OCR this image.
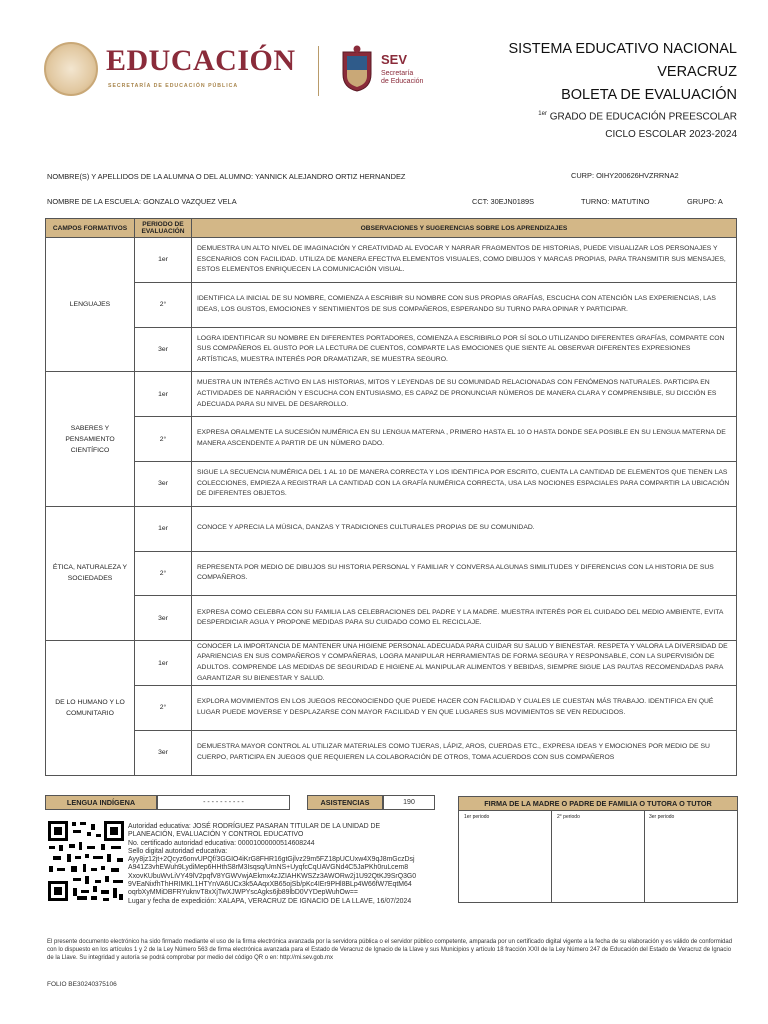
EDUCACIÓN
SECRETARÍA DE EDUCACIÓN PÚBLICA
SEV
Secretaría
de Educación
SISTEMA EDUCATIVO NACIONAL
VERACRUZ
BOLETA DE EVALUACIÓN
$^{1er}$ GRADO DE EDUCACIÓN PREESCOLAR
CICLO ESCOLAR 2023-2024
NOMBRE(S) Y APELLIDOS DE LA ALUMNA O DEL ALUMNO: YANNICK ALEJANDRO ORTIZ HERNANDEZ	CURP: OIHY200626HVZRRNA2
NOMBRE DE LA ESCUELA: GONZALO VAZQUEZ VELA	CCT: 30EJN0189S	TURNO: MATUTINO	GRUPO: A
CAMPOS FORMATIVOS	PERIODO DE EVALUACIÓN	OBSERVACIONES Y SUGERENCIAS SOBRE LOS APRENDIZAJES
LENGUAJES	1er	DEMUESTRA UN ALTO NIVEL DE IMAGINACIÓN Y CREATIVIDAD AL EVOCAR Y NARRAR FRAGMENTOS DE HISTORIAS, PUEDE VISUALIZAR LOS PERSONAJES Y ESCENARIOS CON FACILIDAD. UTILIZA DE MANERA EFECTIVA ELEMENTOS VISUALES, COMO DIBUJOS Y MARCAS PROPIAS, PARA TRANSMITIR SUS MENSAJES, ESTOS ELEMENTOS ENRIQUECEN LA COMUNICACIÓN VISUAL.
	2°	IDENTIFICA LA INICIAL DE SU NOMBRE, COMIENZA A ESCRIBIR SU NOMBRE CON SUS PROPIAS GRAFÍAS, ESCUCHA CON ATENCIÓN LAS EXPERIENCIAS, LAS IDEAS, LOS GUSTOS, EMOCIONES Y SENTIMIENTOS DE SUS COMPAÑEROS, ESPERANDO SU TURNO PARA OPINAR Y PARTICIPAR.
	3er	LOGRA IDENTIFICAR SU NOMBRE EN DIFERENTES PORTADORES, COMIENZA A ESCRIBIRLO POR SÍ SOLO UTILIZANDO DIFERENTES GRAFÍAS, COMPARTE CON SUS COMPAÑEROS EL GUSTO POR LA LECTURA DE CUENTOS, COMPARTE LAS EMOCIONES QUE SIENTE AL OBSERVAR DIFERENTES EXPRESIONES ARTÍSTICAS, MUESTRA INTERÉS POR DRAMATIZAR, SE MUESTRA SEGURO.
SABERES Y PENSAMIENTO CIENTÍFICO	1er	MUESTRA UN INTERÉS ACTIVO EN LAS HISTORIAS, MITOS Y LEYENDAS DE SU COMUNIDAD RELACIONADAS CON FENÓMENOS NATURALES. PARTICIPA EN ACTIVIDADES DE NARRACIÓN Y ESCUCHA CON ENTUSIASMO, ES CAPAZ DE PRONUNCIAR NÚMEROS DE MANERA CLARA Y COMPRENSIBLE, SU DICCIÓN ES ADECUADA PARA SU NIVEL DE DESARROLLO.
	2°	EXPRESA ORALMENTE LA SUCESIÓN NUMÉRICA EN SU LENGUA MATERNA , PRIMERO HASTA EL 10 O HASTA DONDE SEA POSIBLE EN SU LENGUA MATERNA DE MANERA ASCENDENTE A PARTIR DE UN NÚMERO DADO.
	3er	SIGUE LA SECUENCIA NUMÉRICA DEL 1 AL 10 DE MANERA CORRECTA Y LOS IDENTIFICA POR ESCRITO, CUENTA LA CANTIDAD DE ELEMENTOS QUE TIENEN LAS COLECCIONES, EMPIEZA A REGISTRAR LA CANTIDAD CON LA GRAFÍA NUMÉRICA CORRECTA, USA LAS NOCIONES ESPACIALES PARA COMPARTIR LA UBICACIÓN DE DIFERENTES OBJETOS.
ÉTICA, NATURALEZA Y SOCIEDADES	1er	CONOCE Y APRECIA LA MÚSICA, DANZAS Y TRADICIONES CULTURALES PROPIAS DE SU COMUNIDAD.
	2°	REPRESENTA POR MEDIO DE DIBUJOS SU HISTORIA PERSONAL Y FAMILIAR Y CONVERSA ALGUNAS SIMILITUDES Y DIFERENCIAS CON LA HISTORIA DE SUS COMPAÑEROS.
	3er	EXPRESA COMO CELEBRA CON SU FAMILIA LAS CELEBRACIONES DEL PADRE Y LA MADRE. MUESTRA INTERÉS POR EL CUIDADO DEL MEDIO AMBIENTE, EVITA DESPERDICIAR AGUA Y PROPONE MEDIDAS PARA SU CUIDADO COMO EL RECICLAJE.
DE LO HUMANO Y LO COMUNITARIO	1er	CONOCER LA IMPORTANCIA DE MANTENER UNA HIGIENE PERSONAL ADECUADA PARA CUIDAR SU SALUD Y BIENESTAR. RESPETA Y VALORA LA DIVERSIDAD DE APARIENCIAS EN SUS COMPAÑEROS Y COMPAÑERAS, LOGRA MANIPULAR HERRAMIENTAS DE FORMA SEGURA Y RESPONSABLE, CON LA SUPERVISIÓN DE ADULTOS. COMPRENDE LAS MEDIDAS DE SEGURIDAD E HIGIENE AL MANIPULAR ALIMENTOS Y BEBIDAS, SIEMPRE SIGUE LAS PAUTAS RECOMENDADAS PARA GARANTIZAR SU BIENESTAR Y SALUD.
	2°	EXPLORA MOVIMIENTOS EN LOS JUEGOS RECONOCIENDO QUE PUEDE HACER CON FACILIDAD Y CUALES LE CUESTAN MÁS TRABAJO. IDENTIFICA EN QUÉ LUGAR PUEDE MOVERSE Y DESPLAZARSE CON MAYOR FACILIDAD Y EN QUE LUGARES SUS MOVIMIENTOS SE VEN REDUCIDOS.
	3er	DEMUESTRA MAYOR CONTROL AL UTILIZAR MATERIALES COMO TIJERAS, LÁPIZ, AROS, CUERDAS ETC., EXPRESA IDEAS Y EMOCIONES POR MEDIO DE SU CUERPO, PARTICIPA EN JUEGOS QUE REQUIEREN LA COLABORACIÓN DE OTROS, TOMA ACUERDOS CON SUS COMPAÑEROS
LENGUA INDÍGENA	- - - - - - - - - -	ASISTENCIAS	190	FIRMA DE LA MADRE O PADRE DE FAMILIA O TUTORA O TUTOR
1er periodo	2° periodo	3er periodo
Autoridad educativa: JOSÉ RODRÍGUEZ PASARAN TITULAR DE LA UNIDAD DE
PLANEACIÓN, EVALUACIÓN Y CONTROL EDUCATIVO
No. certificado autoridad educativa: 00001000000514608244
Sello digital autoridad educativa:
Ayy8jz12jt+2Qcyz6onvUPQf/3GGIO4iKrG8FHR16gtGjlvz29m5FZ18pUCUxw4X9qJ8mGczDsj
A941Z3vhEWuh9LydiMep6HHthS8rM3Isqsq/UmNS+UyqfcCqUAVGNd4C5JaPKh0ruLcem8
XxovKUbuWvLiVY49lV2pqfV8YGWVwjAEkmx4zJZIAHKWSZz3AWORw2j1U92QtKJ9SrQ3G0
9VEaNixfhThHRIMKL1HTYnVA6UCx3k5AAqxXB65ojSb/pKc4IEr9PHl8BLp4W66fW7EqtM64
oqrbXyMMiDBFRYuknvT8xXjTwXJWPYscAgks6jb89lbD0VYDepWuhOw==
Lugar y fecha de expedición: XALAPA, VERACRUZ DE IGNACIO DE LA LLAVE, 16/07/2024
El presente documento electrónico ha sido firmado mediante el uso de la firma electrónica avanzada por la servidora pública o el servidor público competente, amparada por un certificado digital vigente a la fecha de su elaboración y es válido de conformidad con lo dispuesto en los artículos 1 y 2 de la Ley Número 563 de firma electrónica avanzada para el Estado de Veracruz de Ignacio de la Llave y sus Municipios y artículo 18 fracción XXII de la Ley Número 247 de Educación del Estado de Veracruz de Ignacio de la Llave. Su integridad y autoría se podrá comprobar por medio del código QR o en: http://mi.sev.gob.mx
FOLIO BE30240375106
